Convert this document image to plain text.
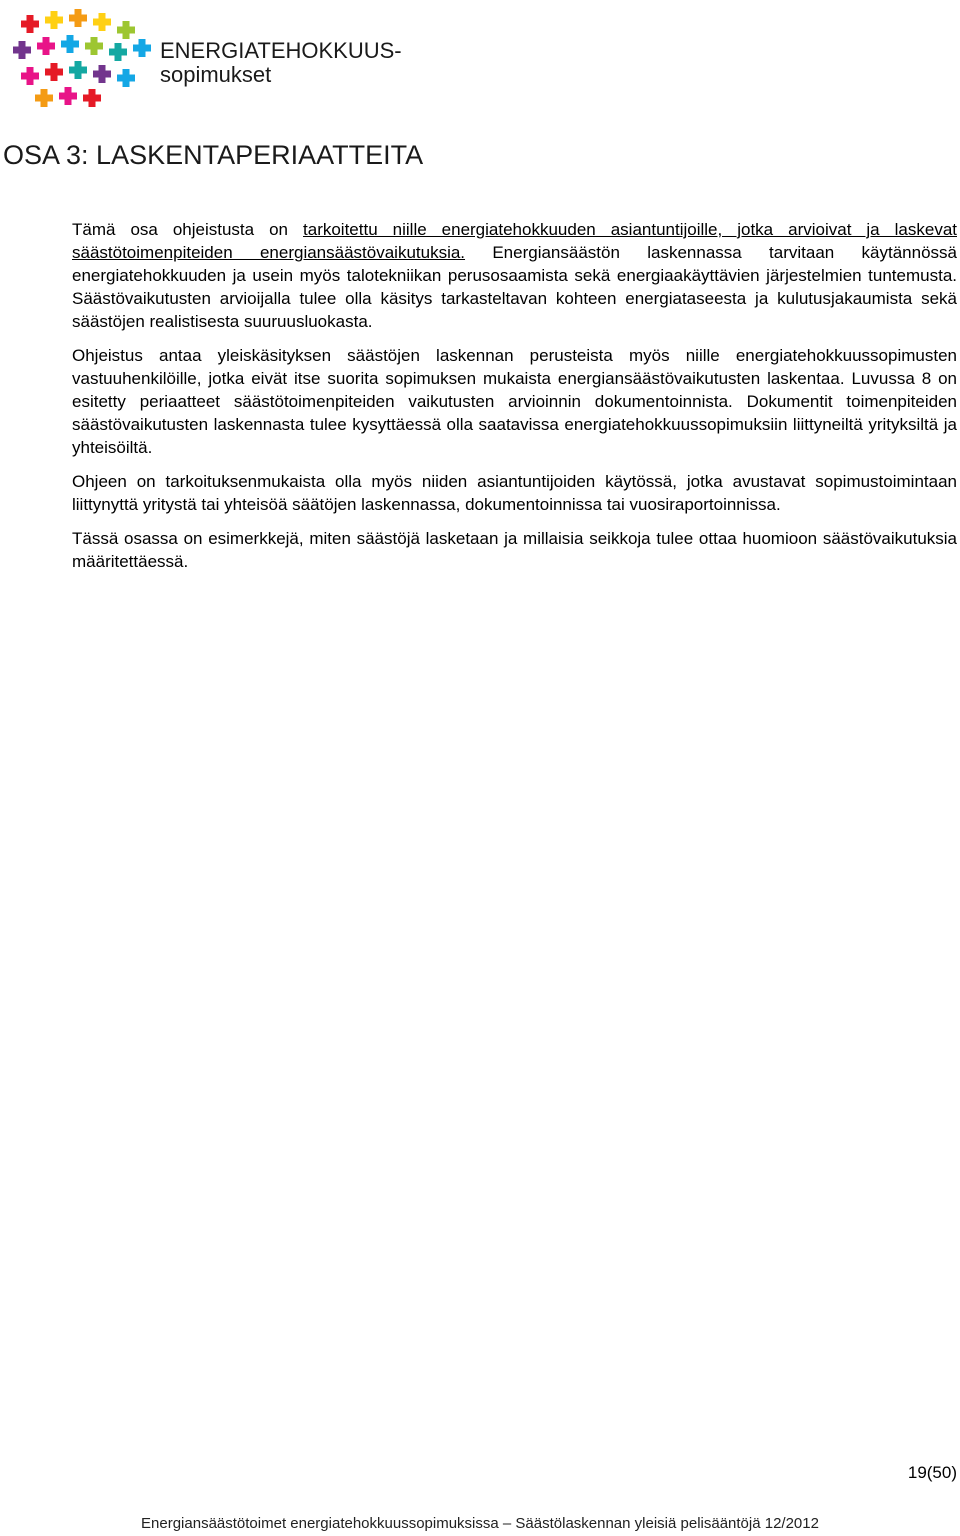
ENERGIATEHOKKUUS-
sopimukset
OSA 3: LASKENTAPERIAATTEITA

Tämä osa ohjeistusta on tarkoitettu niille energiatehokkuuden asiantuntijoille, jotka arvioivat ja laskevat säästötoimenpiteiden energiansäästövaikutuksia. Energiansäästön laskennassa tarvitaan käytännössä energiatehokkuuden ja usein myös talotekniikan perusosaamista sekä energiaakäyttävien järjestelmien tuntemusta. Säästövaikutusten arvioijalla tulee olla käsitys tarkasteltavan kohteen energiataseesta ja kulutusjakaumista sekä säästöjen realistisesta suuruusluokasta.

Ohjeistus antaa yleiskäsityksen säästöjen laskennan perusteista myös niille energiatehokkuussopimusten vastuuhenkilöille, jotka eivät itse suorita sopimuksen mukaista energiansäästövaikutusten laskentaa. Luvussa 8 on esitetty periaatteet säästötoimenpiteiden vaikutusten arvioinnin dokumentoinnista. Dokumentit toimenpiteiden säästövaikutusten laskennasta tulee kysyttäessä olla saatavissa energiatehokkuussopimuksiin liittyneiltä yrityksiltä ja yhteisöiltä.

Ohjeen on tarkoituksenmukaista olla myös niiden asiantuntijoiden käytössä, jotka avustavat sopimustoimintaan liittynyttä yritystä tai yhteisöä säätöjen laskennassa, dokumentoinnissa tai vuosiraportoinnissa.

Tässä osassa on esimerkkejä, miten säästöjä lasketaan ja millaisia seikkoja tulee ottaa huomioon säästövaikutuksia määritettäessä.

19(50)
Energiansäästötoimet energiatehokkuussopimuksissa – Säästölaskennan yleisiä pelisääntöjä 12/2012
